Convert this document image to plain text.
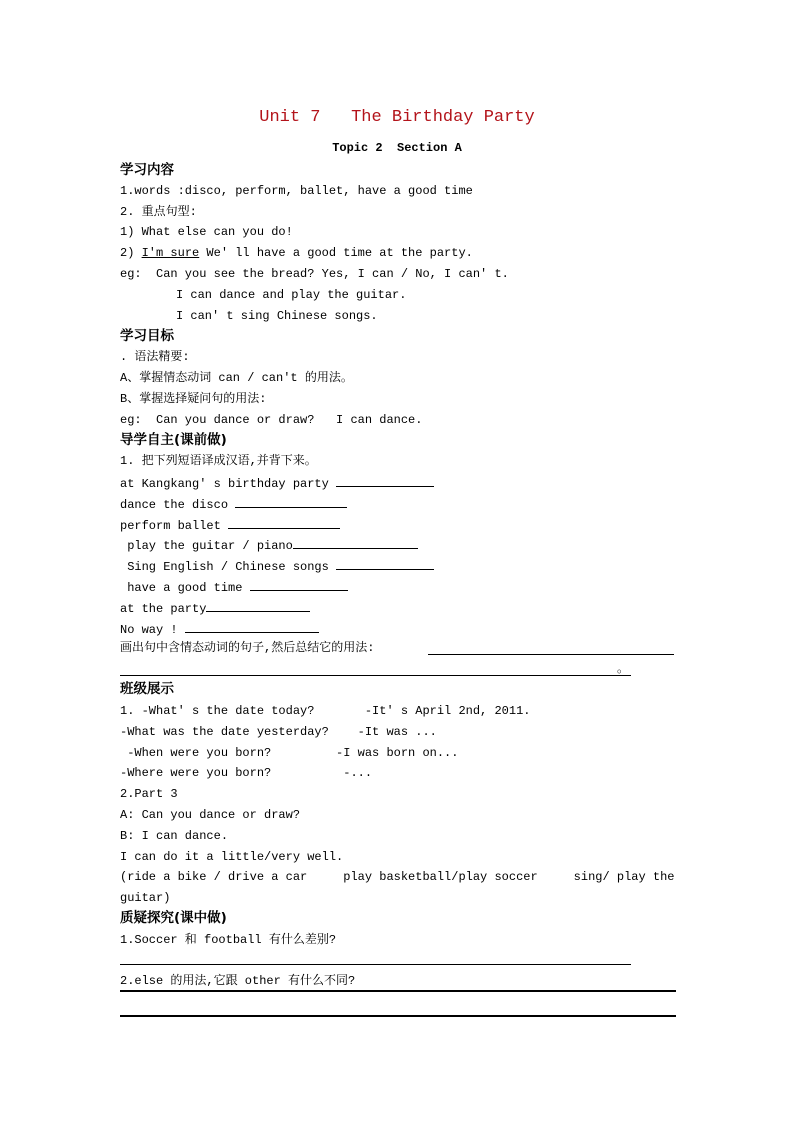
Unit 7   The Birthday Party
Topic 2  Section A
学习内容
1.words :disco, perform, ballet, have a good time
2. 重点句型:
1) What else can you do!
2) I'm sure We' ll have a good time at the party.
eg:  Can you see the bread? Yes, I can / No, I can' t.
I can dance and play the guitar.
I can' t sing Chinese songs.
学习目标
. 语法精要:
A、掌握情态动词 can / can't 的用法。
B、掌握选择疑问句的用法:
eg:  Can you dance or draw?   I can dance.
导学自主(课前做)
1. 把下列短语译成汉语,并背下来。
at Kangkang' s birthday party
dance the disco
perform ballet
play the guitar / piano
Sing English / Chinese songs
have a good time
at the party
No way !
画出句中含情态动词的句子,然后总结它的用法:
。
班级展示
1. -What' s the date today?       -It' s April 2nd, 2011.
-What was the date yesterday?    -It was ...
-When were you born?         -I was born on...
-Where were you born?          -...
2.Part 3
A: Can you dance or draw?
B: I can dance.
I can do it a little/very well.
(ride a bike / drive a car     play basketball/play soccer     sing/ play the
guitar)
质疑探究(课中做)
1.Soccer 和 football 有什么差别?
2.else 的用法,它跟 other 有什么不同?
